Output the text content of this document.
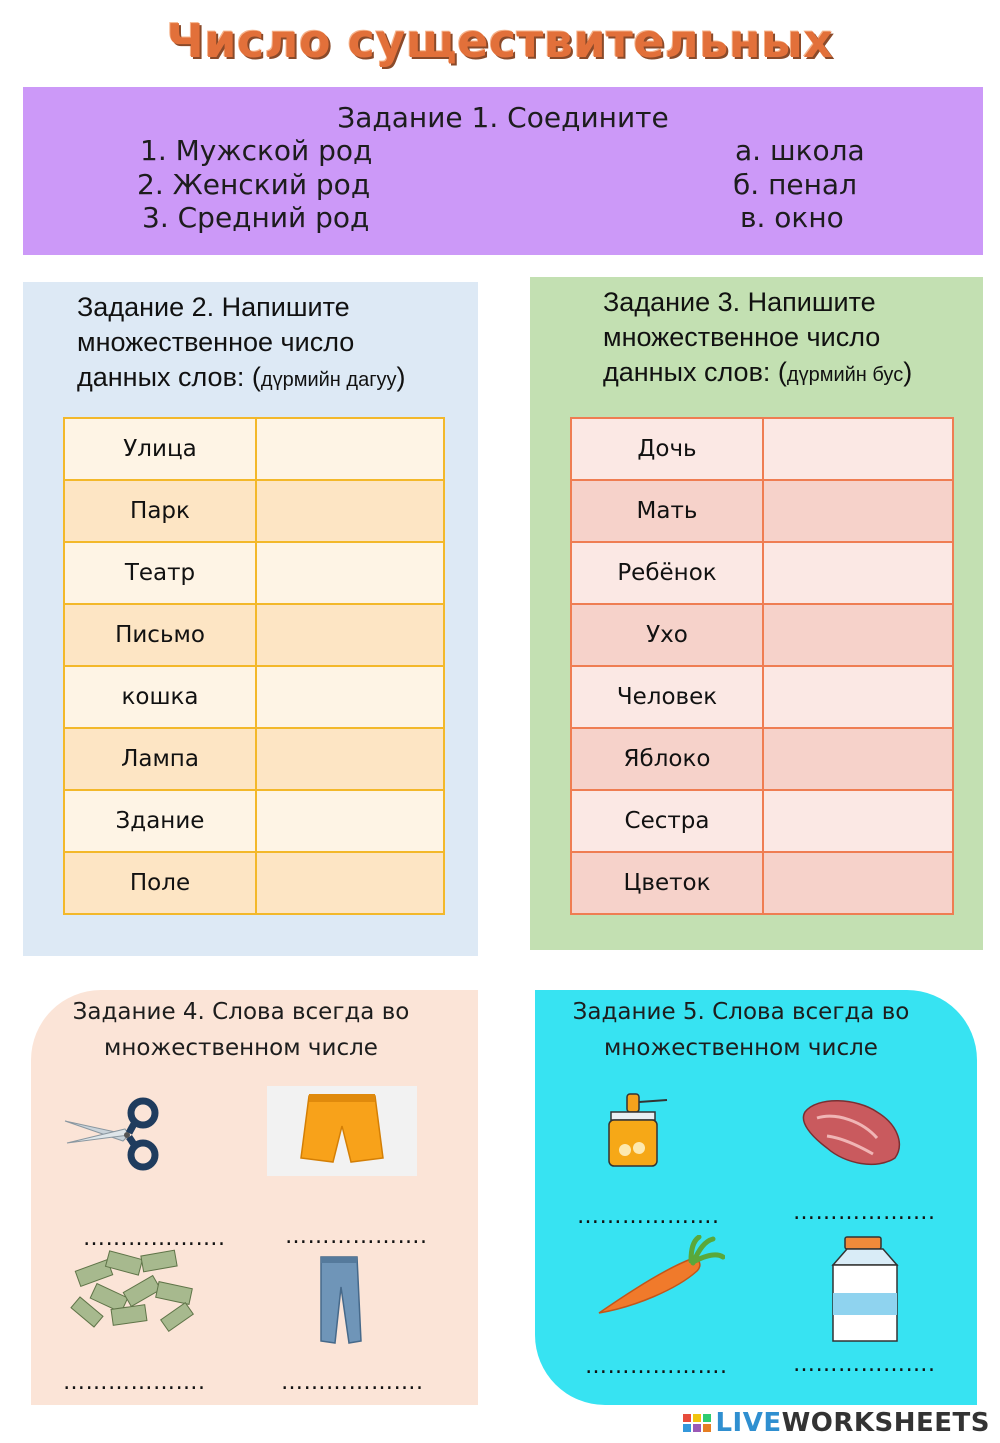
Число существительных
Задание 1. Соедините
1. Мужской род
2. Женский род
3. Средний род
а. школа
б. пенал
в. окно
Задание 2. Напишите
множественное число
данных слов: (дүрмийн дагуу)
Улица	
Парк	
Театр	
Письмо	
кошка	
Лампа	
Здание	
Поле	
Задание 3. Напишите
множественное число
данных слов: (дүрмийн бус)
Дочь	
Мать	
Ребёнок	
Ухо	
Человек	
Яблоко	
Сестра	
Цветок	
Задание 4. Слова всегда во
множественном числе
……………….	……………….
……………….	……………….
Задание 5. Слова всегда во
множественном числе
……………….	……………….
……………….	……………….
LIVE WORKSHEETS
